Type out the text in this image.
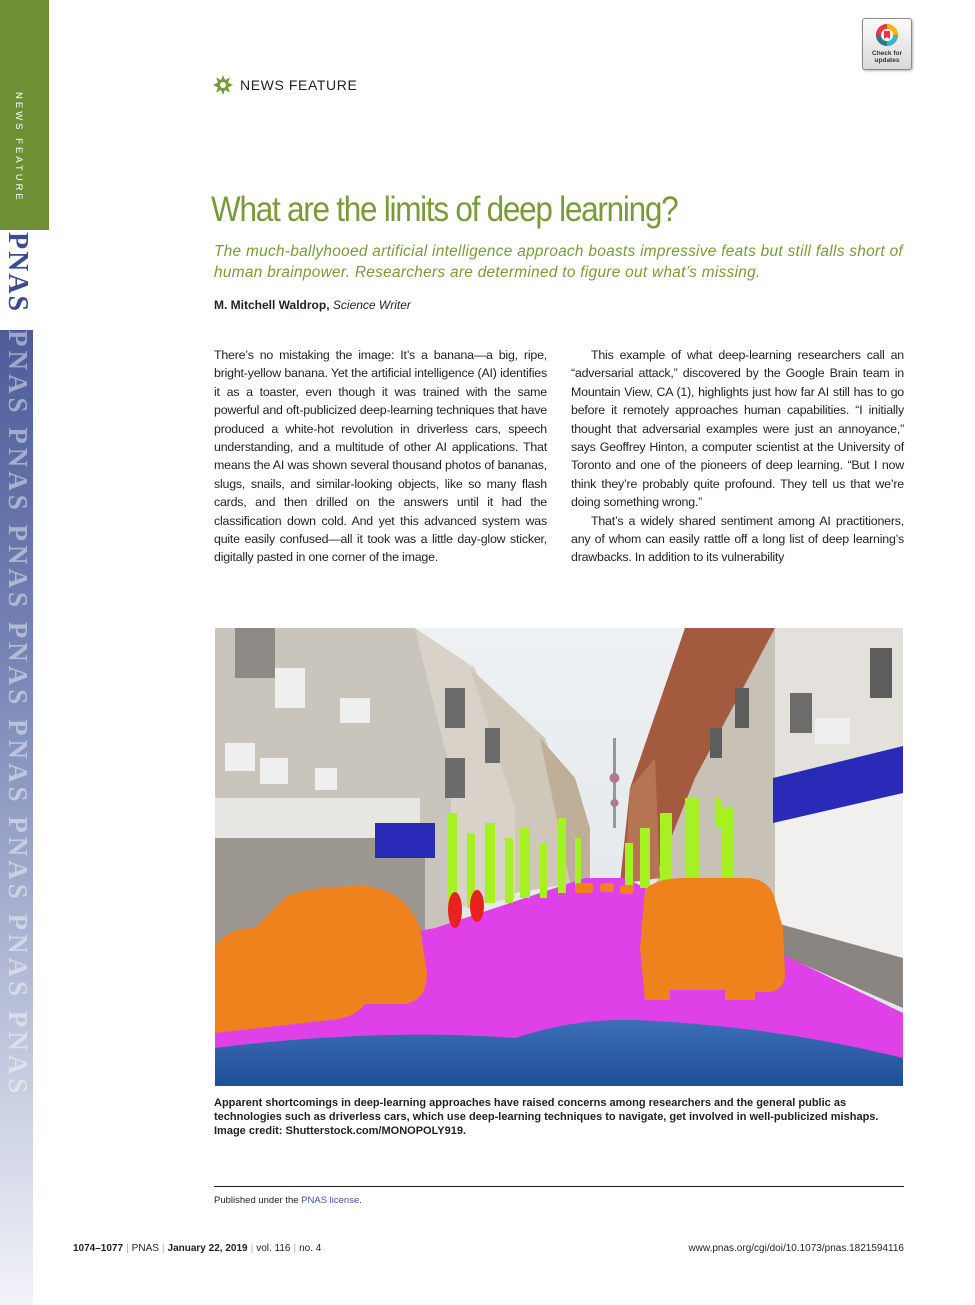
PNAS PNAS PNAS PNAS PNAS PNAS PNAS PNAS
PNAS
NEWS FEATURE
Check for
updates
NEWS FEATURE
What are the limits of deep learning?
The much-ballyhooed artificial intelligence approach boasts impressive feats but still falls short of human brainpower. Researchers are determined to figure out what’s missing.
M. Mitchell Waldrop, Science Writer

There’s no mistaking the image: It’s a banana—a big, ripe, bright-yellow banana. Yet the artificial intelligence (AI) identifies it as a toaster, even though it was trained with the same powerful and oft-publicized deep-learning techniques that have produced a white-hot revolution in driverless cars, speech understanding, and a multitude of other AI applications. That means the AI was shown several thousand photos of bananas, slugs, snails, and similar-looking objects, like so many flash cards, and then drilled on the answers until it had the classification down cold. And yet this advanced system was quite easily confused—all it took was a little day-glow sticker, digitally pasted in one corner of the image.

This example of what deep-learning researchers call an “adversarial attack,” discovered by the Google Brain team in Mountain View, CA (1), highlights just how far AI still has to go before it remotely approaches human capabilities. “I initially thought that adversarial examples were just an annoyance,” says Geoffrey Hinton, a computer scientist at the University of Toronto and one of the pioneers of deep learning. “But I now think they’re probably quite profound. They tell us that we’re doing something wrong.”

That’s a widely shared sentiment among AI practitioners, any of whom can easily rattle off a long list of deep learning’s drawbacks. In addition to its vulnerability

Apparent shortcomings in deep-learning approaches have raised concerns among researchers and the general public as technologies such as driverless cars, which use deep-learning techniques to navigate, get involved in well-publicized mishaps. Image credit: Shutterstock.com/MONOPOLY919.
Published under the PNAS license.
1074–1077 | PNAS | January 22, 2019 | vol. 116 | no. 4	www.pnas.org/cgi/doi/10.1073/pnas.1821594116
